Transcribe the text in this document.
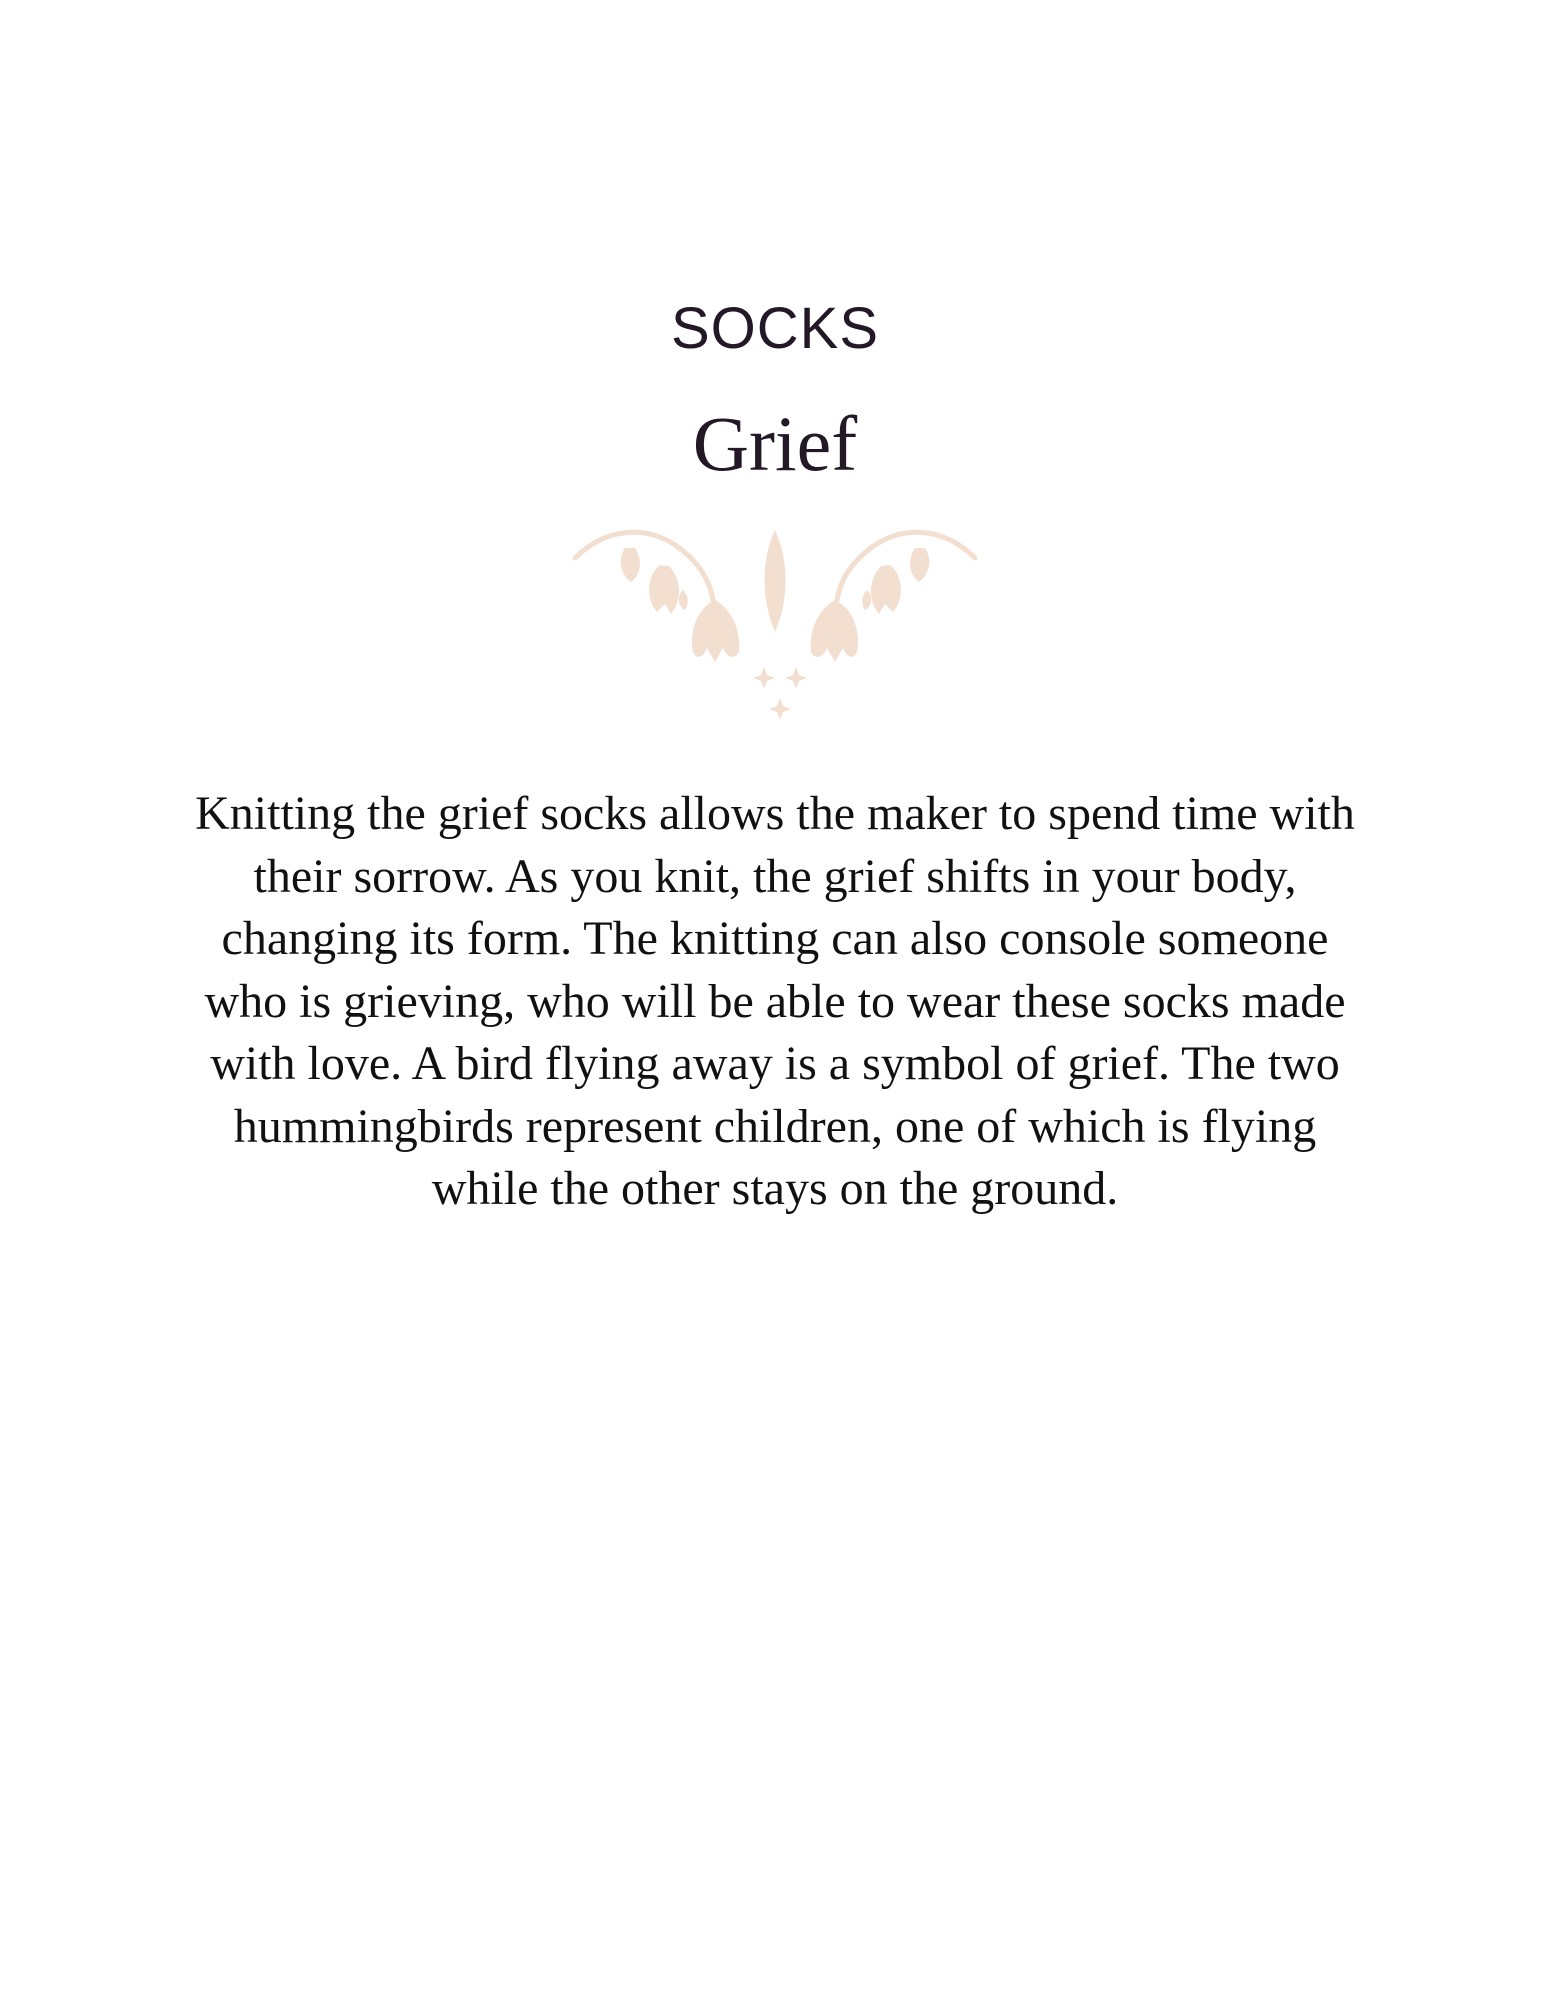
SOCKS
Grief

Knitting the grief socks allows the maker to spend time with their sorrow. As you knit, the grief shifts in your body, changing its form. The knitting can also console someone who is grieving, who will be able to wear these socks made with love. A bird flying away is a symbol of grief. The two hummingbirds represent children, one of which is flying while the other stays on the ground.
